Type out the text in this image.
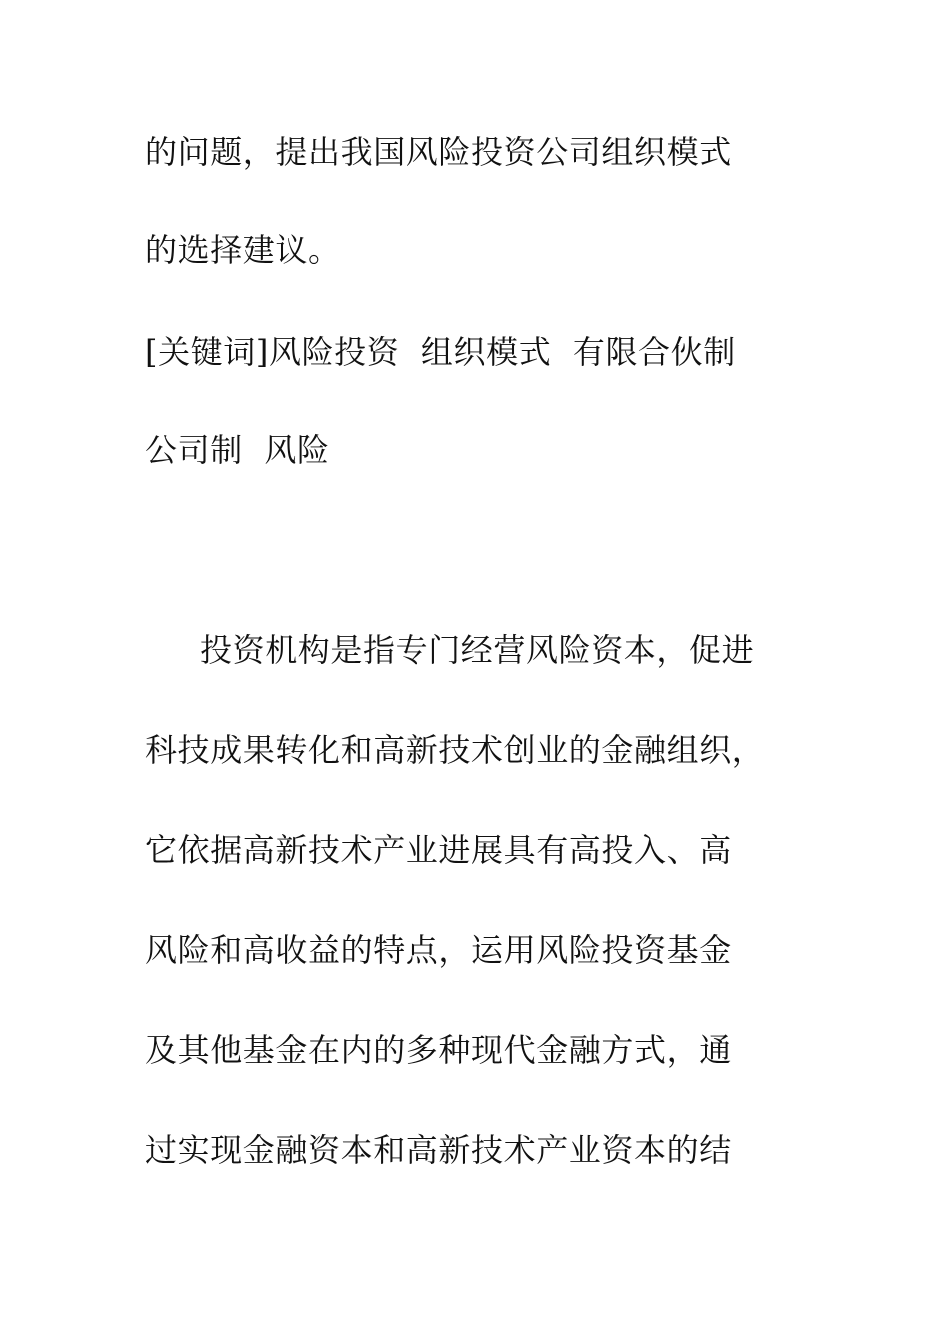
的问题，提出我国风险投资公司组织模式
的选择建议。
[关键词]风险投资  组织模式  有限合伙制
公司制  风险
投资机构是指专门经营风险资本，促进
科技成果转化和高新技术创业的金融组织，
它依据高新技术产业进展具有高投入、高
风险和高收益的特点，运用风险投资基金
及其他基金在内的多种现代金融方式，通
过实现金融资本和高新技术产业资本的结
